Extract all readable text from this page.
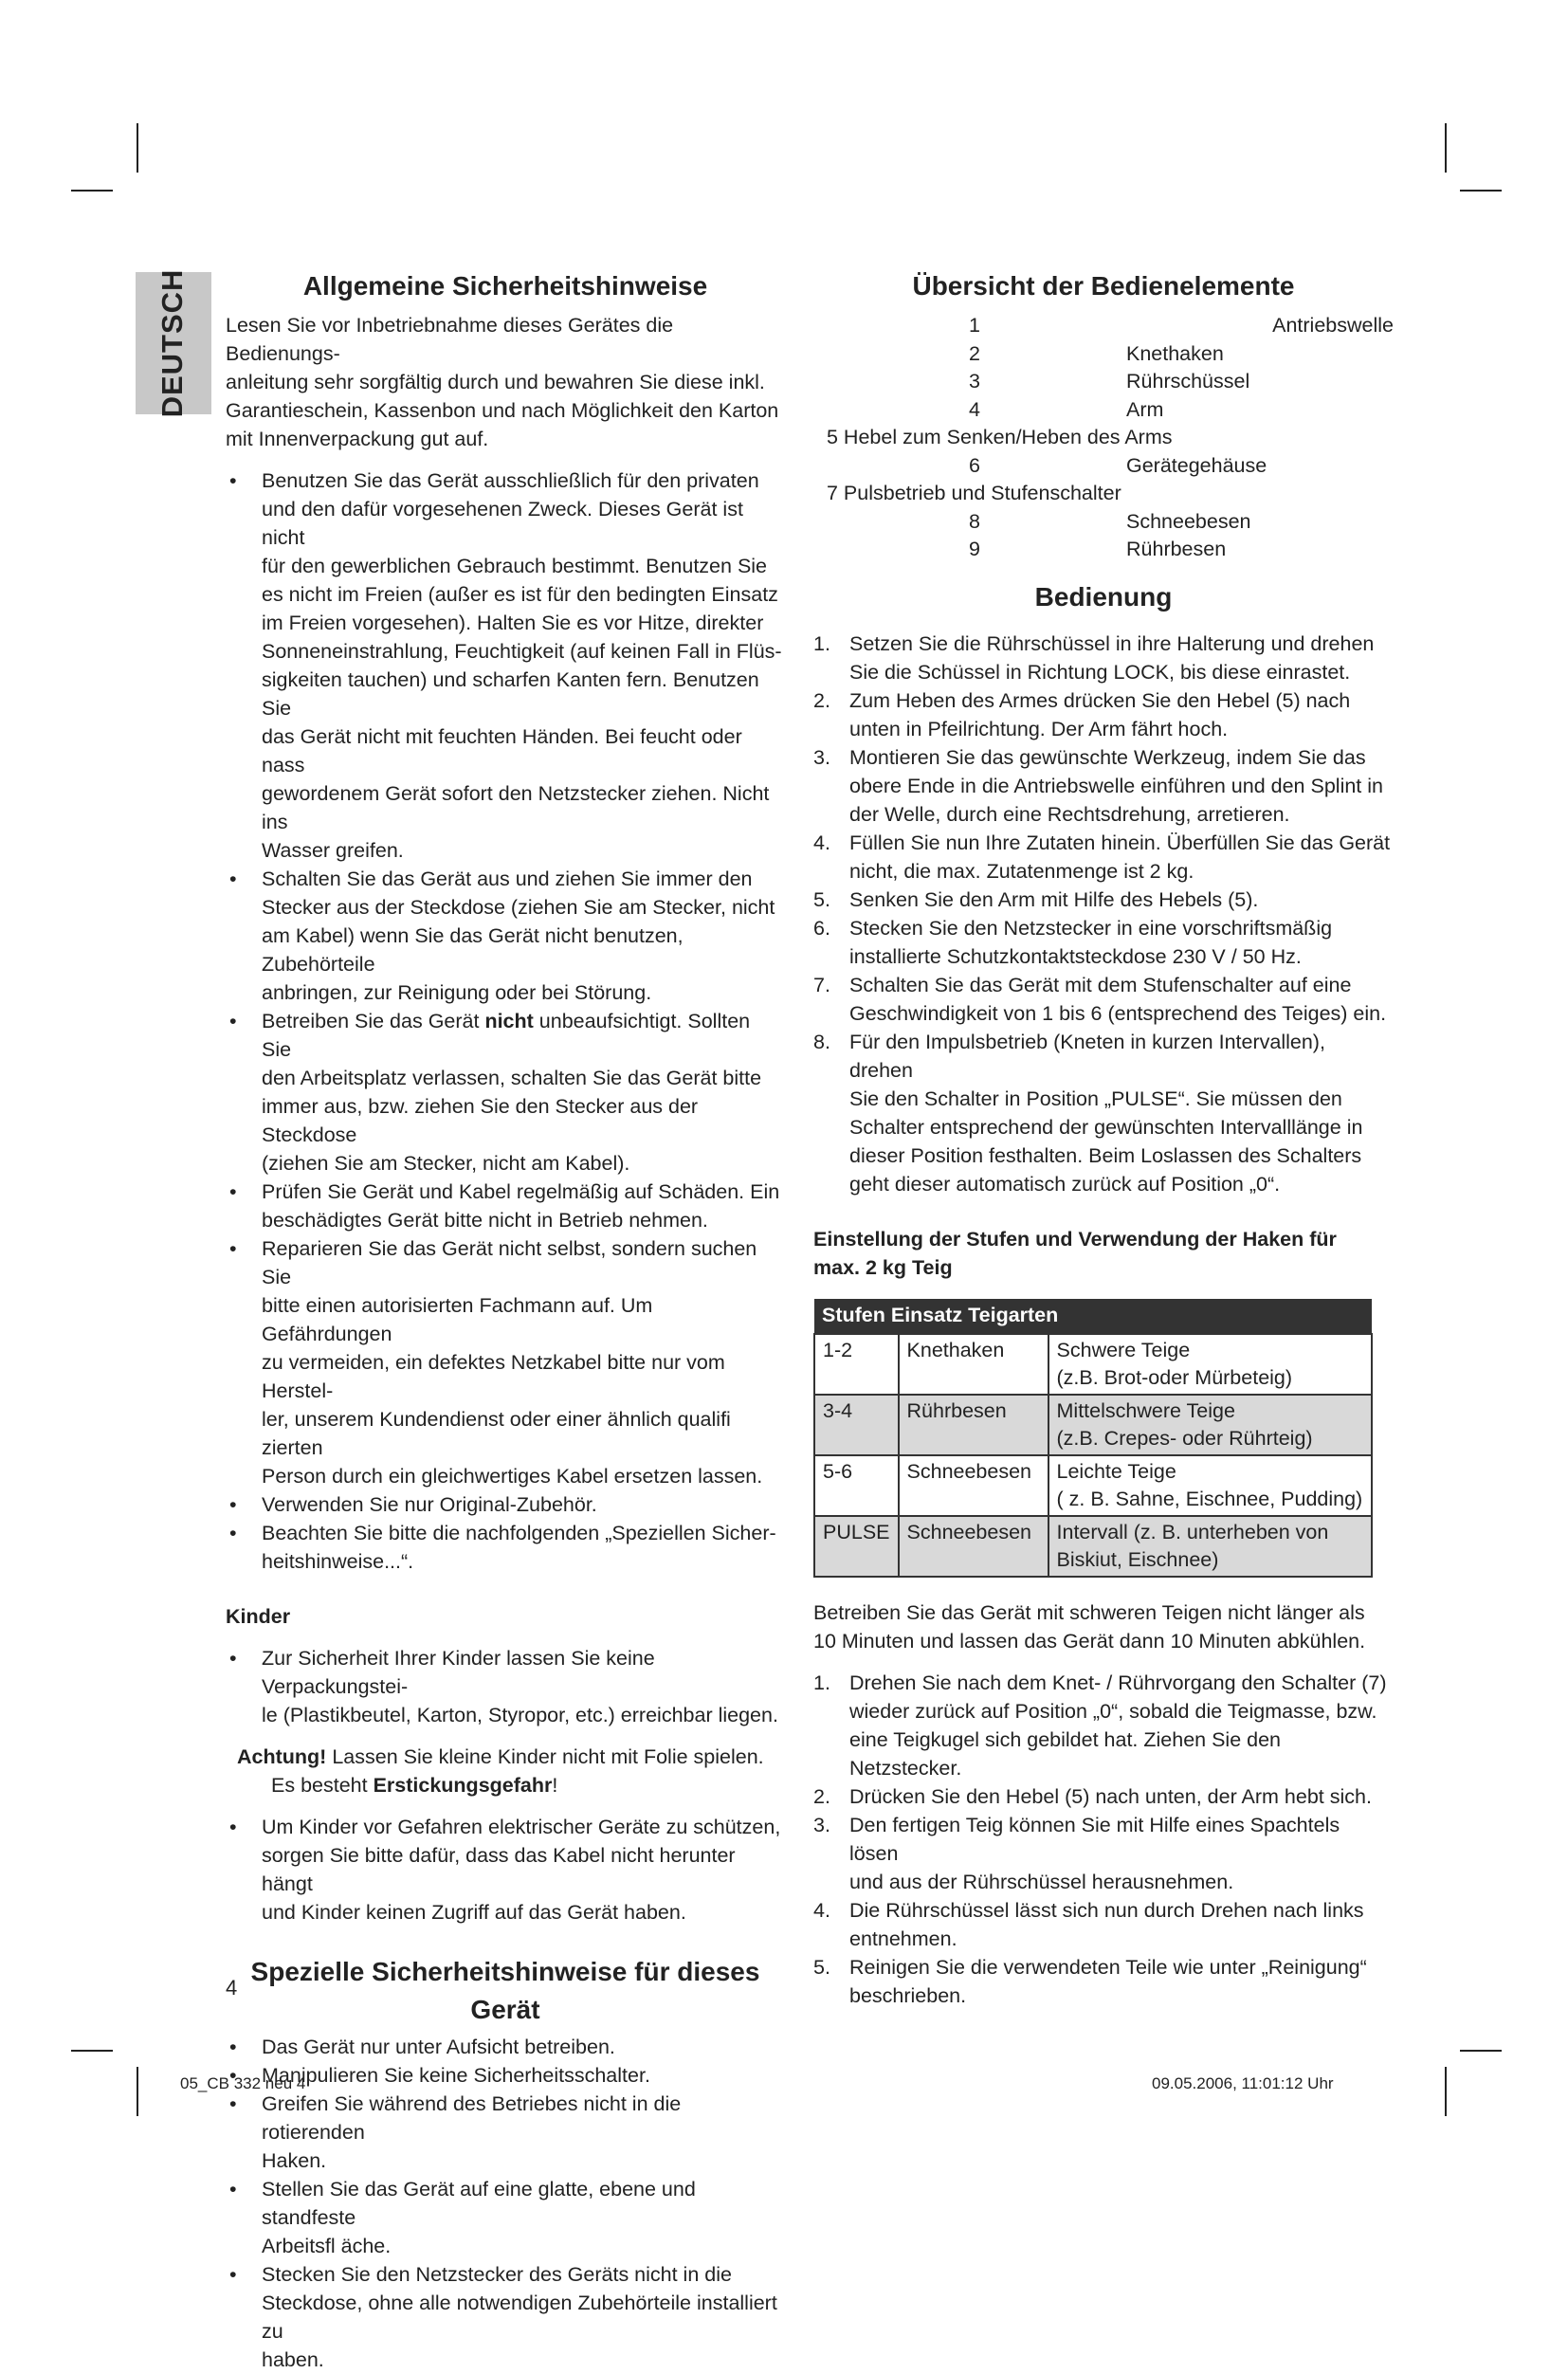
DEUTSCH	Allgemeine Sicherheitshinweise
Lesen Sie vor Inbetriebnahme dieses Gerätes die Bedienungs-
anleitung sehr sorgfältig durch und bewahren Sie diese inkl.
Garantieschein, Kassenbon und nach Möglichkeit den Karton
mit Innenverpackung gut auf.
• Benutzen Sie das Gerät ausschließlich für den privaten
und den dafür vorgesehenen Zweck. Dieses Gerät ist nicht
für den gewerblichen Gebrauch bestimmt. Benutzen Sie
es nicht im Freien (außer es ist für den bedingten Einsatz
im Freien vorgesehen). Halten Sie es vor Hitze, direkter
Sonneneinstrahlung, Feuchtigkeit (auf keinen Fall in Flüs-
sigkeiten tauchen) und scharfen Kanten fern. Benutzen Sie
das Gerät nicht mit feuchten Händen. Bei feucht oder nass
gewordenem Gerät sofort den Netzstecker ziehen. Nicht ins
Wasser greifen.
• Schalten Sie das Gerät aus und ziehen Sie immer den
Stecker aus der Steckdose (ziehen Sie am Stecker, nicht
am Kabel) wenn Sie das Gerät nicht benutzen, Zubehörteile
anbringen, zur Reinigung oder bei Störung.
• Betreiben Sie das Gerät nicht unbeaufsichtigt. Sollten Sie
den Arbeitsplatz verlassen, schalten Sie das Gerät bitte
immer aus, bzw. ziehen Sie den Stecker aus der Steckdose
(ziehen Sie am Stecker, nicht am Kabel).
• Prüfen Sie Gerät und Kabel regelmäßig auf Schäden. Ein
beschädigtes Gerät bitte nicht in Betrieb nehmen.
• Reparieren Sie das Gerät nicht selbst, sondern suchen Sie
bitte einen autorisierten Fachmann auf. Um Gefährdungen
zu vermeiden, ein defektes Netzkabel bitte nur vom Herstel-
ler, unserem Kundendienst oder einer ähnlich qualifi zierten
Person durch ein gleichwertiges Kabel ersetzen lassen.
• Verwenden Sie nur Original-Zubehör.
• Beachten Sie bitte die nachfolgenden „Speziellen Sicher-
heitshinweise...“.

Kinder

• Zur Sicherheit Ihrer Kinder lassen Sie keine Verpackungstei-
le (Plastikbeutel, Karton, Styropor, etc.) erreichbar liegen.
Achtung! Lassen Sie kleine Kinder nicht mit Folie spielen.
Es besteht Erstickungsgefahr!
• Um Kinder vor Gefahren elektrischer Geräte zu schützen,
sorgen Sie bitte dafür, dass das Kabel nicht herunter hängt
und Kinder keinen Zugriff auf das Gerät haben.
Spezielle Sicherheitshinweise für dieses Gerät
• Das Gerät nur unter Aufsicht betreiben.
• Manipulieren Sie keine Sicherheitsschalter.
• Greifen Sie während des Betriebes nicht in die rotierenden
Haken.
• Stellen Sie das Gerät auf eine glatte, ebene und standfeste
Arbeitsfl äche.
• Stecken Sie den Netzstecker des Geräts nicht in die
Steckdose, ohne alle notwendigen Zubehörteile installiert zu
haben.
4
Übersicht der Bedienelemente
1	Antriebswelle
2	Knethaken
3	Rührschüssel
4	Arm
5 Hebel zum Senken/Heben des Arms
6	Gerätegehäuse
7 Pulsbetrieb und Stufenschalter
8	Schneebesen
9	Rührbesen
Bedienung
1. Setzen Sie die Rührschüssel in ihre Halterung und drehen
Sie die Schüssel in Richtung LOCK, bis diese einrastet.
2. Zum Heben des Armes drücken Sie den Hebel (5) nach
unten in Pfeilrichtung. Der Arm fährt hoch.
3. Montieren Sie das gewünschte Werkzeug, indem Sie das
obere Ende in die Antriebswelle einführen und den Splint in
der Welle, durch eine Rechtsdrehung, arretieren.
4. Füllen Sie nun Ihre Zutaten hinein. Überfüllen Sie das Gerät
nicht, die max. Zutatenmenge ist 2 kg.
5. Senken Sie den Arm mit Hilfe des Hebels (5).
6. Stecken Sie den Netzstecker in eine vorschriftsmäßig
installierte Schutzkontaktsteckdose 230 V / 50 Hz.
7. Schalten Sie das Gerät mit dem Stufenschalter auf eine
Geschwindigkeit von 1 bis 6 (entsprechend des Teiges) ein.
8. Für den Impulsbetrieb (Kneten in kurzen Intervallen), drehen
Sie den Schalter in Position „PULSE“. Sie müssen den
Schalter entsprechend der gewünschten Intervalllänge in
dieser Position festhalten. Beim Loslassen des Schalters
geht dieser automatisch zurück auf Position „0“.
Einstellung der Stufen und Verwendung der Haken für
max. 2 kg Teig
Stufen Einsatz Teigarten		
1-2	Knethaken	Schwere Teige
(z.B. Brot-oder Mürbeteig)

3-4	Rührbesen	Mittelschwere Teige
(z.B. Crepes- oder Rührteig)

5-6	Schneebesen	Leichte Teige
( z. B. Sahne, Eischnee, Pudding)

PULSE	Schneebesen	Intervall (z. B. unterheben von
Biskiut, Eischnee)
Betreiben Sie das Gerät mit schweren Teigen nicht länger als
10 Minuten und lassen das Gerät dann 10 Minuten abkühlen.
1. Drehen Sie nach dem Knet- / Rührvorgang den Schalter (7)
wieder zurück auf Position „0“, sobald die Teigmasse, bzw.
eine Teigkugel sich gebildet hat. Ziehen Sie den Netzstecker.
2. Drücken Sie den Hebel (5) nach unten, der Arm hebt sich.
3. Den fertigen Teig können Sie mit Hilfe eines Spachtels lösen
und aus der Rührschüssel herausnehmen.
4. Die Rührschüssel lässt sich nun durch Drehen nach links
entnehmen.
5. Reinigen Sie die verwendeten Teile wie unter „Reinigung“
beschrieben.
05_CB 332 neu 4	09.05.2006, 11:01:12 Uhr
